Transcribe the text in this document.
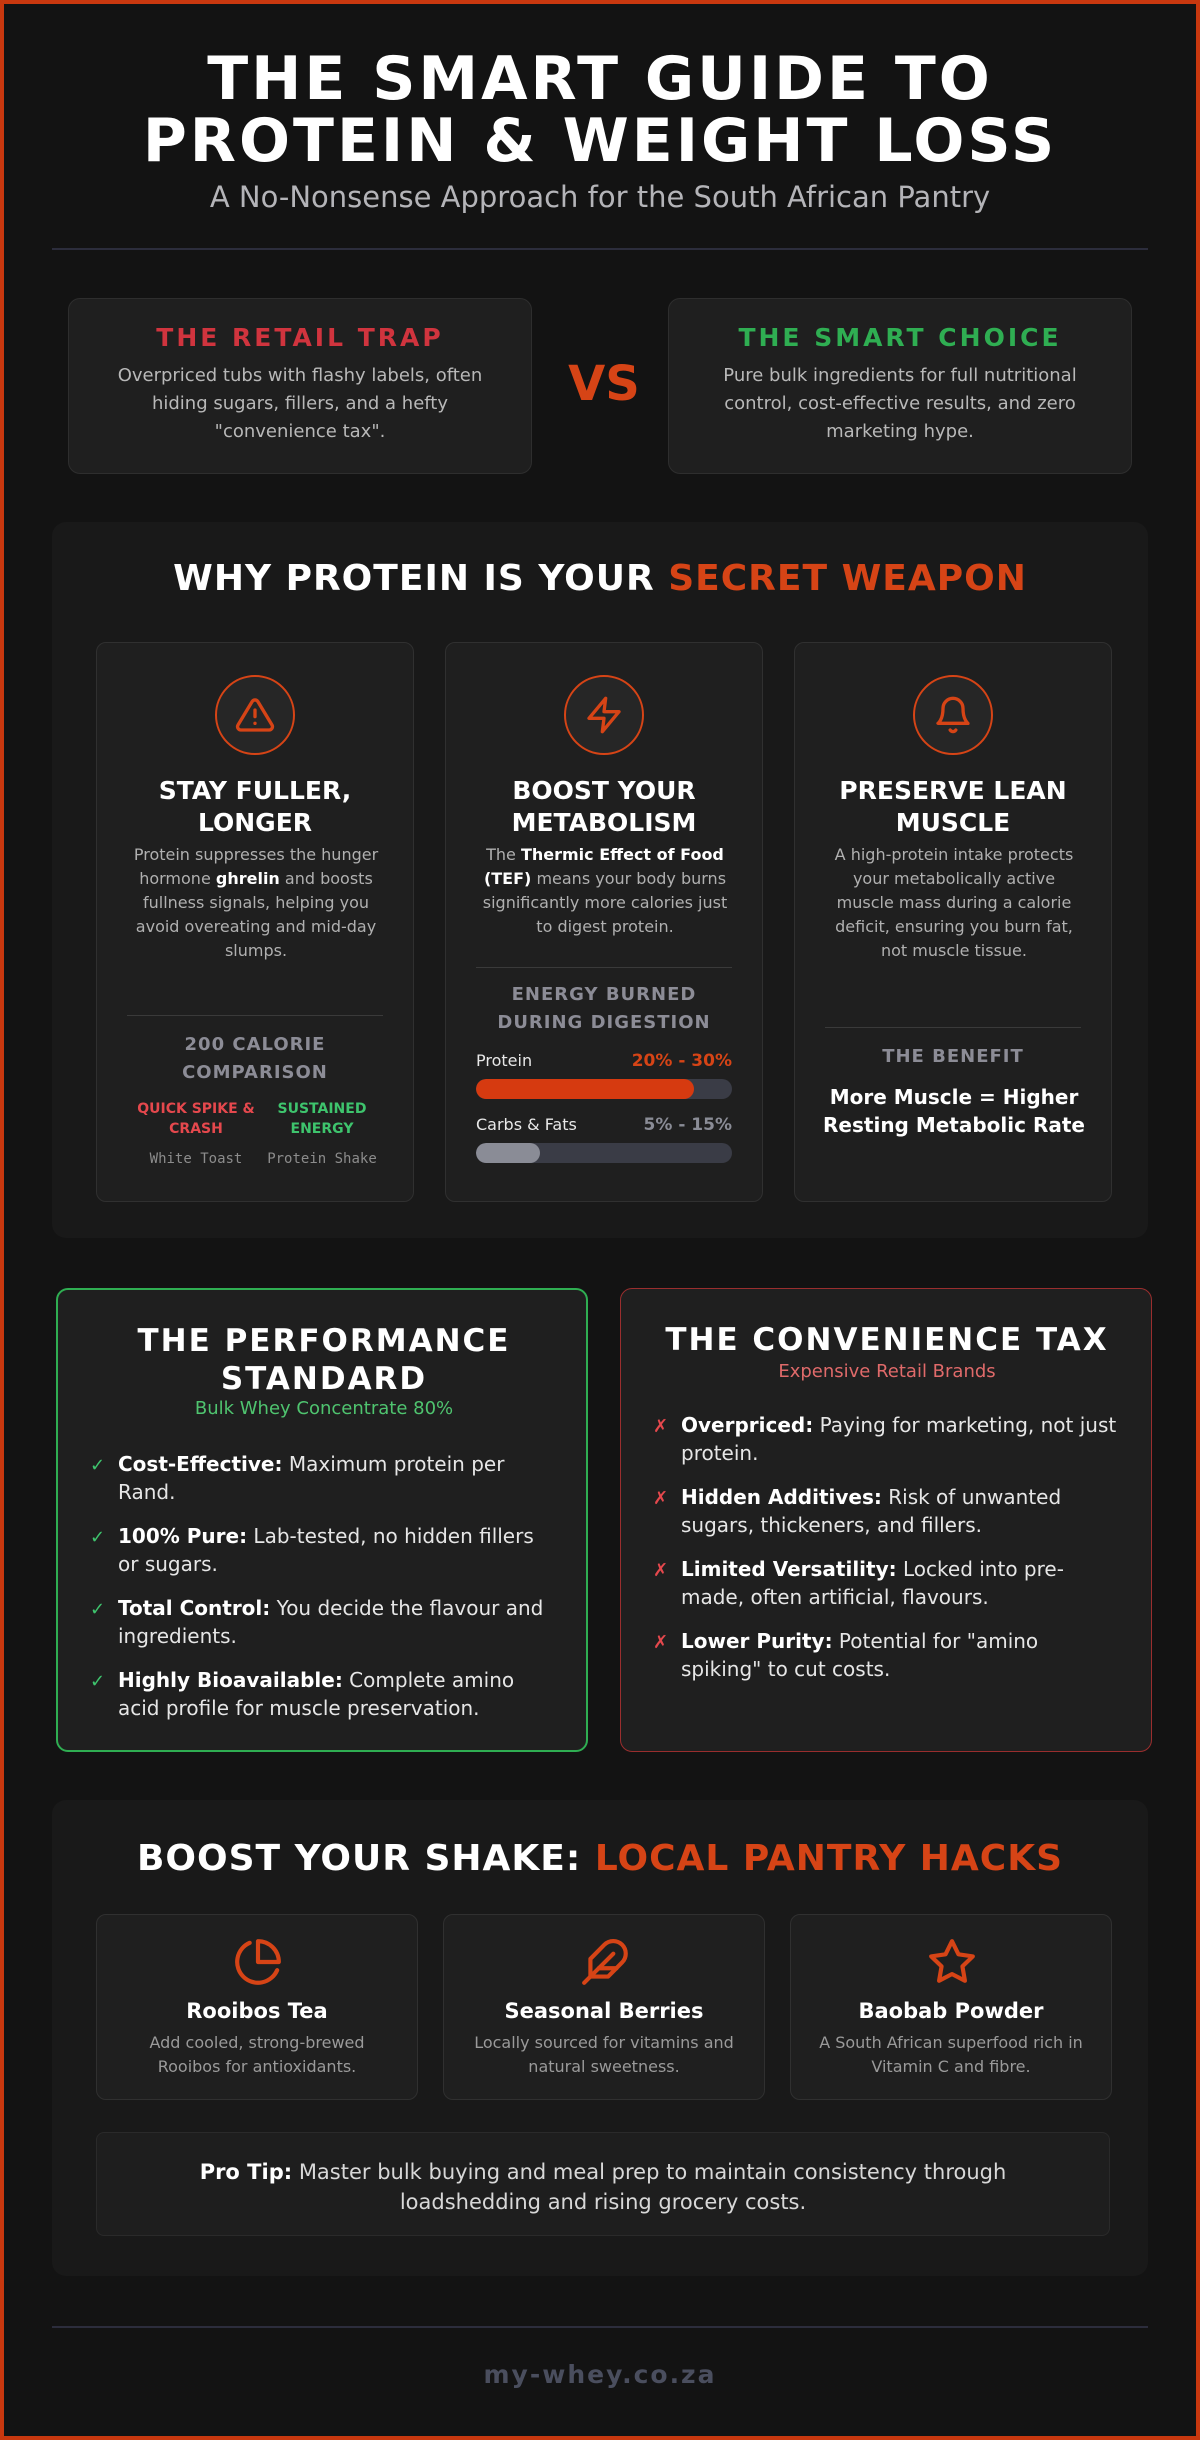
THE SMART GUIDE TO
PROTEIN & WEIGHT LOSS
A No-Nonsense Approach for the South African Pantry
THE RETAIL TRAP

Overpriced tubs with flashy labels, often hiding sugars, fillers, and a hefty "convenience tax".

VS
THE SMART CHOICE

Pure bulk ingredients for full nutritional control, cost-effective results, and zero marketing hype.

WHY PROTEIN IS YOUR SECRET WEAPON
STAY FULLER, LONGER
Protein suppresses the hunger hormone ghrelin and boosts fullness signals, helping you avoid overeating and mid-day slumps.
200 CALORIE COMPARISON
QUICK SPIKE & CRASH
White Toast
SUSTAINED ENERGY
Protein Shake
BOOST YOUR METABOLISM
The Thermic Effect of Food (TEF) means your body burns significantly more calories just to digest protein.
ENERGY BURNED DURING DIGESTION
Protein	20% - 30%
Carbs & Fats	5% - 15%
PRESERVE LEAN MUSCLE
A high-protein intake protects your metabolically active muscle mass during a calorie deficit, ensuring you burn fat, not muscle tissue.
THE BENEFIT
More Muscle = Higher Resting Metabolic Rate
THE PERFORMANCE STANDARD
Bulk Whey Concentrate 80%
✓ Cost-Effective: Maximum protein per Rand.
✓ 100% Pure: Lab-tested, no hidden fillers or sugars.
✓ Total Control: You decide the flavour and ingredients.
✓ Highly Bioavailable: Complete amino acid profile for muscle preservation.
THE CONVENIENCE TAX
Expensive Retail Brands
✗ Overpriced: Paying for marketing, not just protein.
✗ Hidden Additives: Risk of unwanted sugars, thickeners, and fillers.
✗ Limited Versatility: Locked into pre-made, often artificial, flavours.
✗ Lower Purity: Potential for "amino spiking" to cut costs.
BOOST YOUR SHAKE: LOCAL PANTRY HACKS
Rooibos Tea

Add cooled, strong-brewed Rooibos for antioxidants.

Seasonal Berries

Locally sourced for vitamins and natural sweetness.

Baobab Powder

A South African superfood rich in Vitamin C and fibre.

Pro Tip: Master bulk buying and meal prep to maintain consistency through loadshedding and rising grocery costs.
my-whey.co.za
